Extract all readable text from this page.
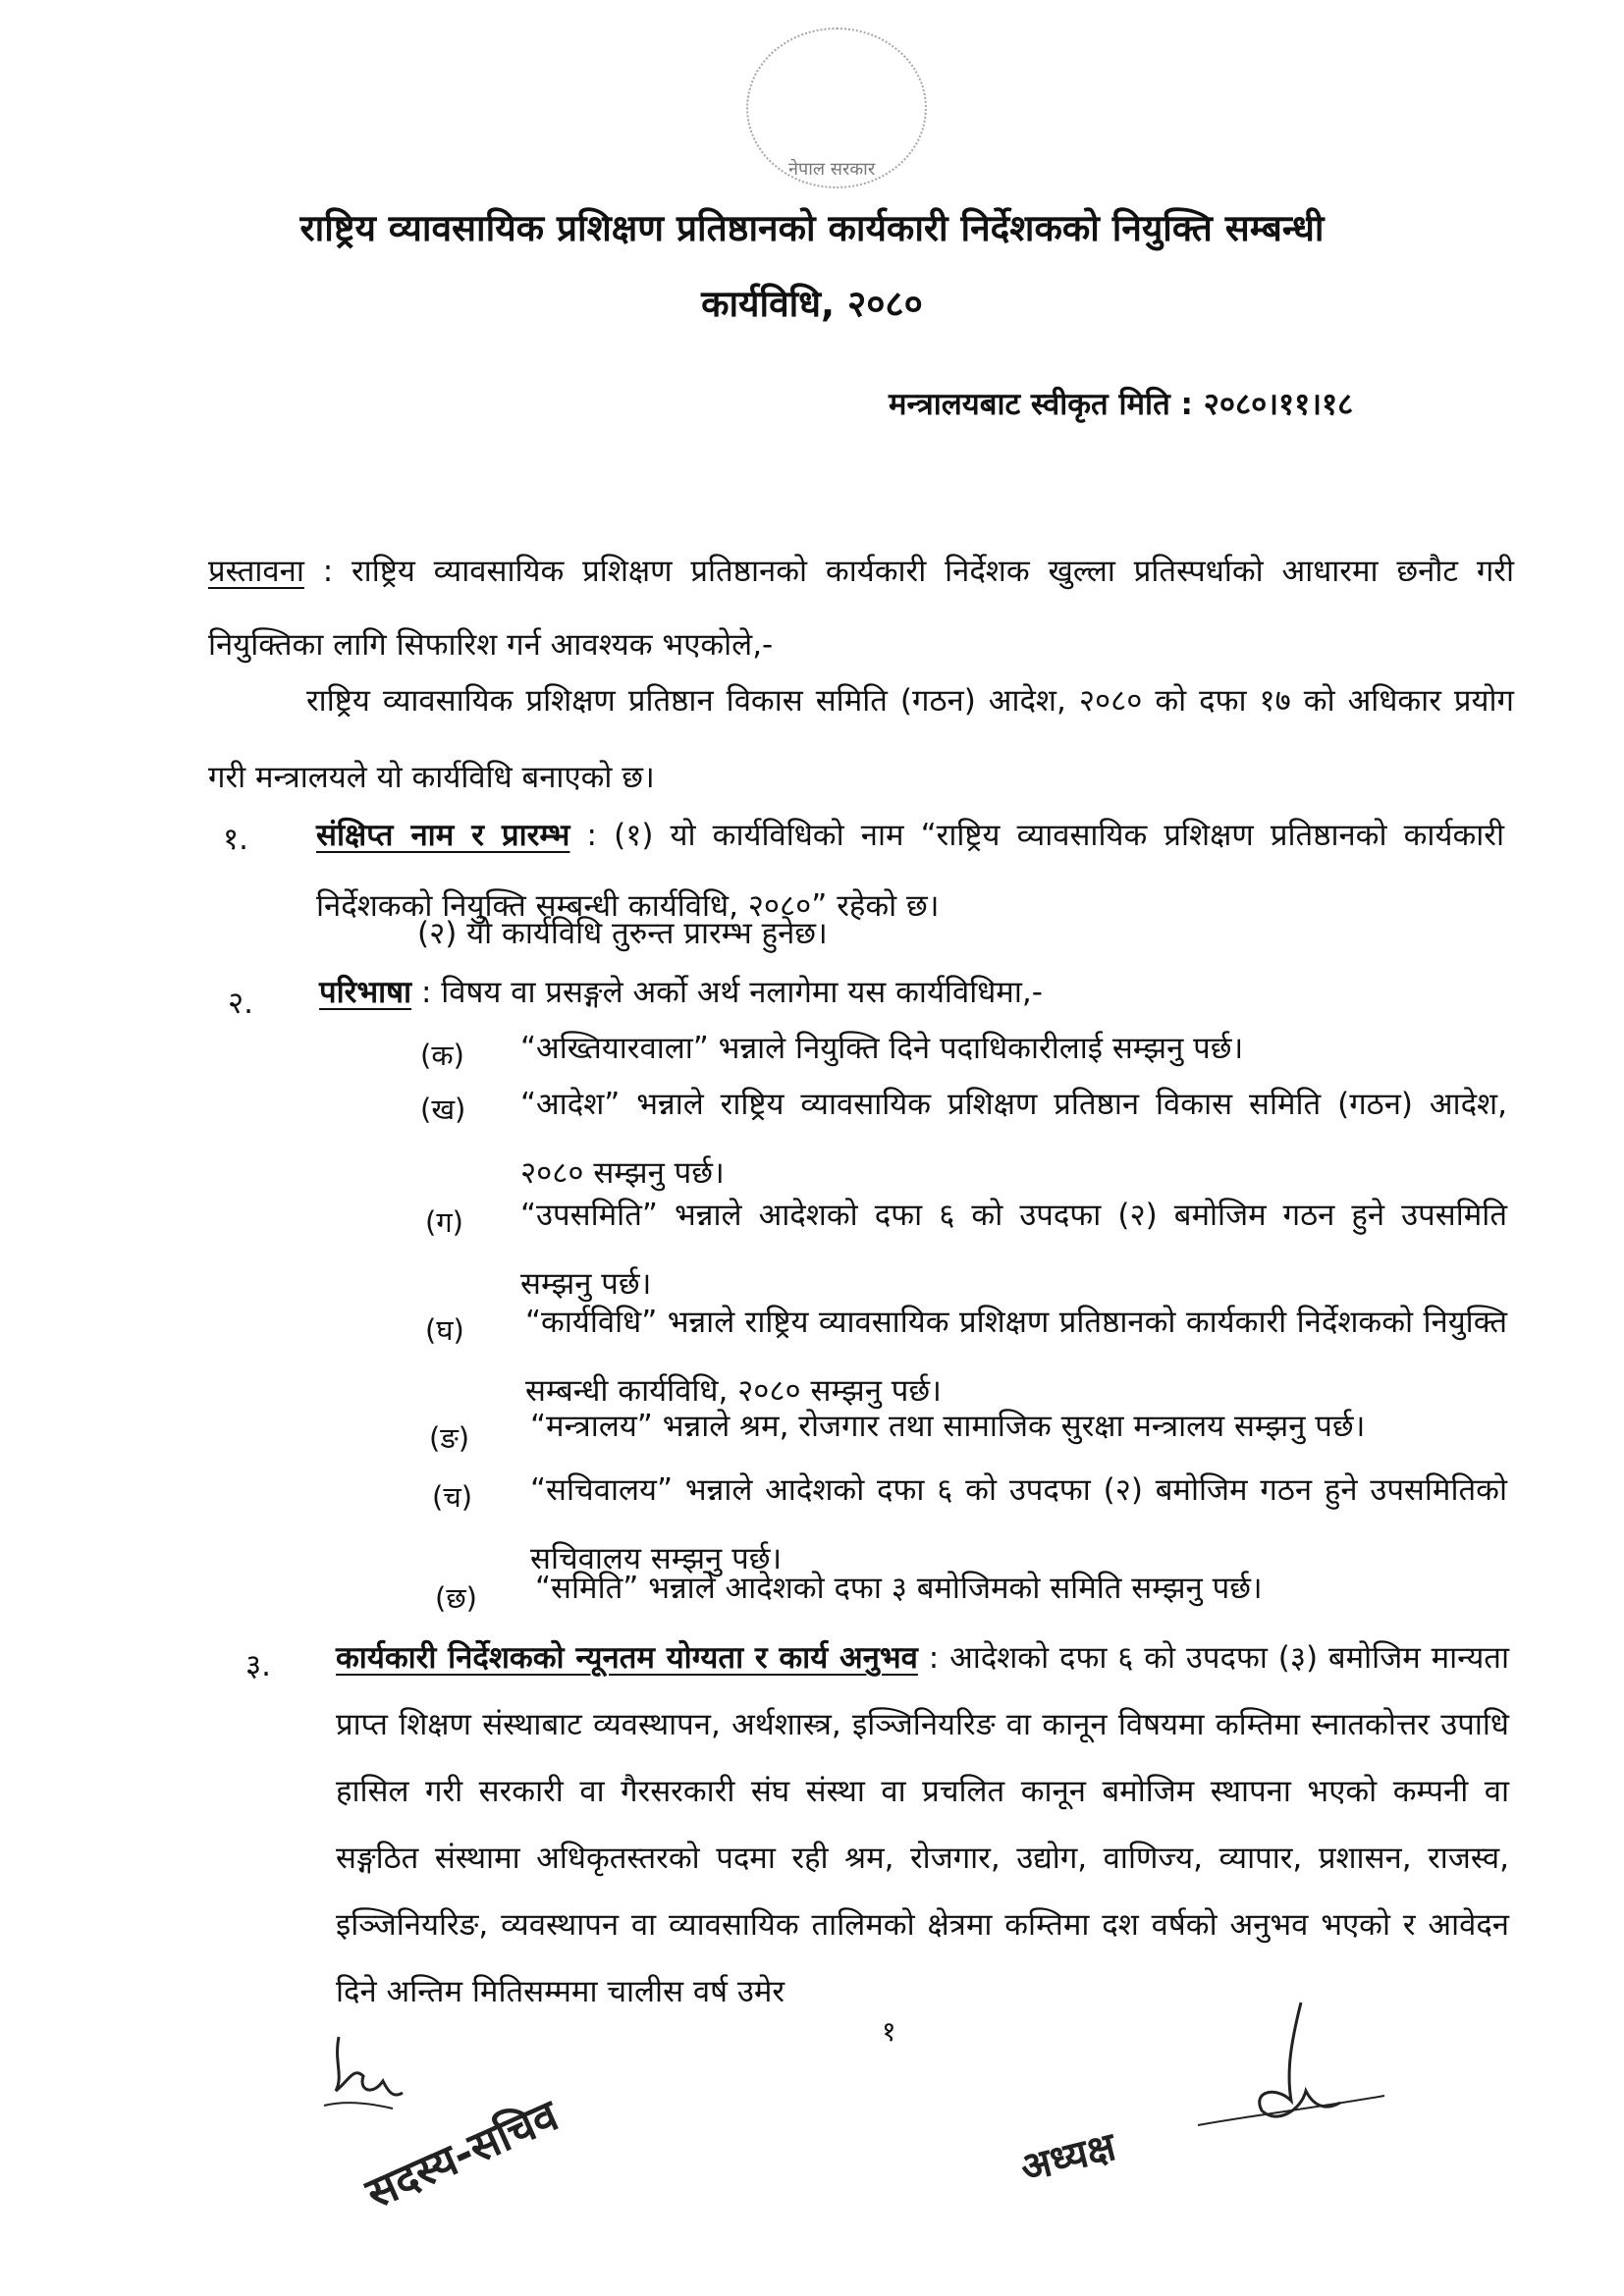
नेपाल सरकार
राष्ट्रिय व्यावसायिक प्रशिक्षण प्रतिष्ठानको कार्यकारी निर्देशकको नियुक्ति सम्बन्धी
कार्यविधि, २०८०
मन्त्रालयबाट स्वीकृत मिति : २०८०।११।१८
प्रस्तावना : राष्ट्रिय व्यावसायिक प्रशिक्षण प्रतिष्ठानको कार्यकारी निर्देशक खुल्ला प्रतिस्पर्धाको आधारमा छनौट गरी नियुक्तिका लागि सिफारिश गर्न आवश्यक भएकोले,-
राष्ट्रिय व्यावसायिक प्रशिक्षण प्रतिष्ठान विकास समिति (गठन) आदेश, २०८० को दफा १७ को अधिकार प्रयोग गरी मन्त्रालयले यो कार्यविधि बनाएको छ।
१. संक्षिप्त नाम र प्रारम्भ : (१) यो कार्यविधिको नाम “राष्ट्रिय व्यावसायिक प्रशिक्षण प्रतिष्ठानको कार्यकारी निर्देशकको नियुक्ति सम्बन्धी कार्यविधि, २०८०” रहेको छ।
(२) यो कार्यविधि तुरुन्त प्रारम्भ हुनेछ।
२. परिभाषा : विषय वा प्रसङ्गले अर्को अर्थ नलागेमा यस कार्यविधिमा,-
(क) “अख्तियारवाला” भन्नाले नियुक्ति दिने पदाधिकारीलाई सम्झनु पर्छ।
(ख) “आदेश” भन्नाले राष्ट्रिय व्यावसायिक प्रशिक्षण प्रतिष्ठान विकास समिति (गठन) आदेश, २०८० सम्झनु पर्छ।
(ग) “उपसमिति” भन्नाले आदेशको दफा ६ को उपदफा (२) बमोजिम गठन हुने उपसमिति सम्झनु पर्छ।
(घ) “कार्यविधि” भन्नाले राष्ट्रिय व्यावसायिक प्रशिक्षण प्रतिष्ठानको कार्यकारी निर्देशकको नियुक्ति सम्बन्धी कार्यविधि, २०८० सम्झनु पर्छ।
(ङ) “मन्त्रालय” भन्नाले श्रम, रोजगार तथा सामाजिक सुरक्षा मन्त्रालय सम्झनु पर्छ।
(च) “सचिवालय” भन्नाले आदेशको दफा ६ को उपदफा (२) बमोजिम गठन हुने उपसमितिको सचिवालय सम्झनु पर्छ।
(छ) “समिति” भन्नाले आदेशको दफा ३ बमोजिमको समिति सम्झनु पर्छ।
३. कार्यकारी निर्देशकको न्यूनतम योग्यता र कार्य अनुभव : आदेशको दफा ६ को उपदफा (३) बमोजिम मान्यता प्राप्त शिक्षण संस्थाबाट व्यवस्थापन, अर्थशास्त्र, इञ्जिनियरिङ वा कानून विषयमा कम्तिमा स्नातकोत्तर उपाधि हासिल गरी सरकारी वा गैरसरकारी संघ संस्था वा प्रचलित कानून बमोजिम स्थापना भएको कम्पनी वा सङ्गठित संस्थामा अधिकृतस्तरको पदमा रही श्रम, रोजगार, उद्योग, वाणिज्य, व्यापार, प्रशासन, राजस्व, इञ्जिनियरिङ, व्यवस्थापन वा व्यावसायिक तालिमको क्षेत्रमा कम्तिमा दश वर्षको अनुभव भएको र आवेदन दिने अन्तिम मितिसम्ममा चालीस वर्ष उमेर
१
सदस्य-सचिव	अध्यक्ष
